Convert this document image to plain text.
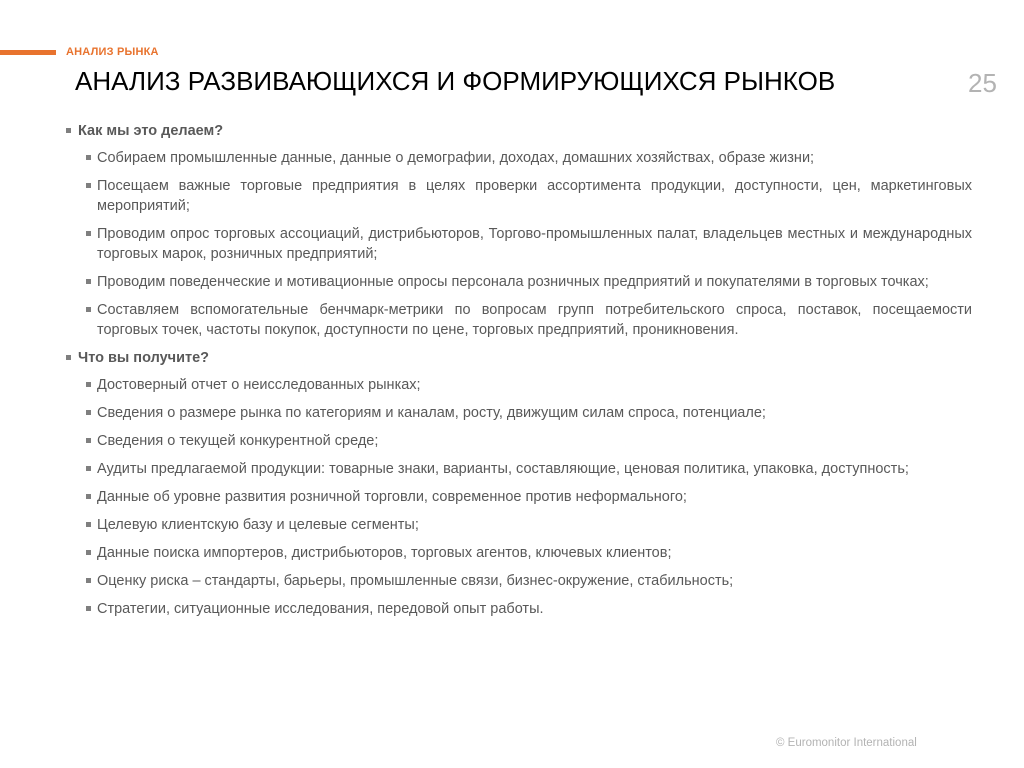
АНАЛИЗ РЫНКА
АНАЛИЗ РАЗВИВАЮЩИХСЯ И ФОРМИРУЮЩИХСЯ РЫНКОВ	25
Как мы это делаем?
Собираем промышленные данные, данные о демографии, доходах, домашних хозяйствах, образе жизни;
Посещаем важные торговые предприятия в целях проверки ассортимента продукции, доступности, цен, маркетинговых мероприятий;
Проводим опрос торговых ассоциаций, дистрибьюторов, Торгово-промышленных палат, владельцев местных и международных торговых марок, розничных предприятий;
Проводим поведенческие и мотивационные опросы персонала розничных предприятий и покупателями в торговых точках;
Составляем вспомогательные бенчмарк-метрики по вопросам групп потребительского спроса, поставок, посещаемости торговых точек, частоты покупок, доступности по цене, торговых предприятий, проникновения.
Что вы получите?
Достоверный отчет о неисследованных рынках;
Сведения о размере рынка по категориям и каналам, росту, движущим силам спроса, потенциале;
Сведения о текущей конкурентной среде;
Аудиты предлагаемой продукции: товарные знаки, варианты, составляющие, ценовая политика, упаковка, доступность;
Данные об уровне развития розничной торговли, современное против неформального;
Целевую клиентскую базу и целевые сегменты;
Данные поиска импортеров, дистрибьюторов, торговых агентов, ключевых клиентов;
Оценку риска – стандарты, барьеры, промышленные связи, бизнес-окружение, стабильность;
Стратегии, ситуационные исследования, передовой опыт работы.
© Euromonitor International
